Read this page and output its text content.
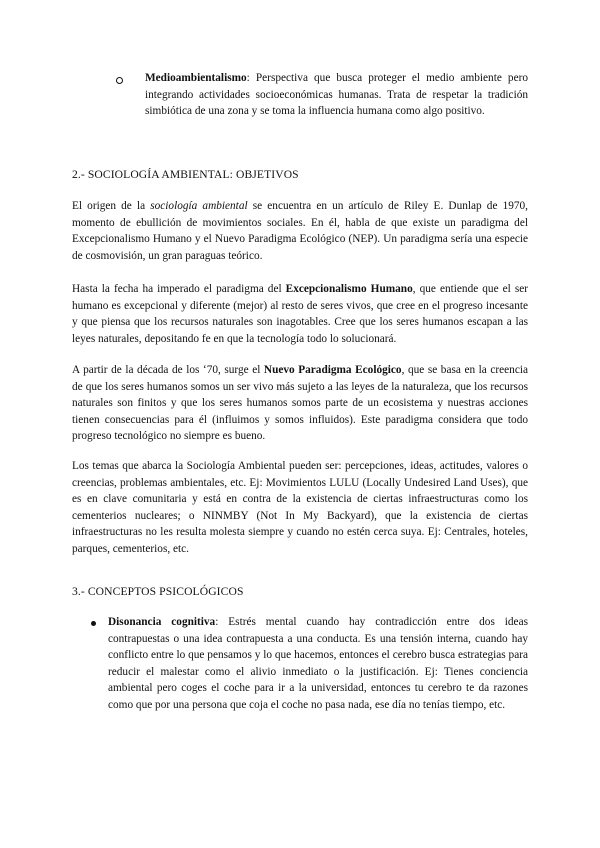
Medioambientalismo: Perspectiva que busca proteger el medio ambiente pero integrando actividades socioeconómicas humanas. Trata de respetar la tradición simbiótica de una zona y se toma la influencia humana como algo positivo.
2.- SOCIOLOGÍA AMBIENTAL: OBJETIVOS
El origen de la sociología ambiental se encuentra en un artículo de Riley E. Dunlap de 1970, momento de ebullición de movimientos sociales. En él, habla de que existe un paradigma del Excepcionalismo Humano y el Nuevo Paradigma Ecológico (NEP). Un paradigma sería una especie de cosmovisión, un gran paraguas teórico.
Hasta la fecha ha imperado el paradigma del Excepcionalismo Humano, que entiende que el ser humano es excepcional y diferente (mejor) al resto de seres vivos, que cree en el progreso incesante y que piensa que los recursos naturales son inagotables. Cree que los seres humanos escapan a las leyes naturales, depositando fe en que la tecnología todo lo solucionará.
A partir de la década de los ‘70, surge el Nuevo Paradigma Ecológico, que se basa en la creencia de que los seres humanos somos un ser vivo más sujeto a las leyes de la naturaleza, que los recursos naturales son finitos y que los seres humanos somos parte de un ecosistema y nuestras acciones tienen consecuencias para él (influimos y somos influidos). Este paradigma considera que todo progreso tecnológico no siempre es bueno.
Los temas que abarca la Sociología Ambiental pueden ser: percepciones, ideas, actitudes, valores o creencias, problemas ambientales, etc. Ej: Movimientos LULU (Locally Undesired Land Uses), que es en clave comunitaria y está en contra de la existencia de ciertas infraestructuras como los cementerios nucleares; o NINMBY (Not In My Backyard), que la existencia de ciertas infraestructuras no les resulta molesta siempre y cuando no estén cerca suya. Ej: Centrales, hoteles, parques, cementerios, etc.
3.- CONCEPTOS PSICOLÓGICOS
Disonancia cognitiva: Estrés mental cuando hay contradicción entre dos ideas contrapuestas o una idea contrapuesta a una conducta. Es una tensión interna, cuando hay conflicto entre lo que pensamos y lo que hacemos, entonces el cerebro busca estrategias para reducir el malestar como el alivio inmediato o la justificación. Ej: Tienes conciencia ambiental pero coges el coche para ir a la universidad, entonces tu cerebro te da razones como que por una persona que coja el coche no pasa nada, ese día no tenías tiempo, etc.
